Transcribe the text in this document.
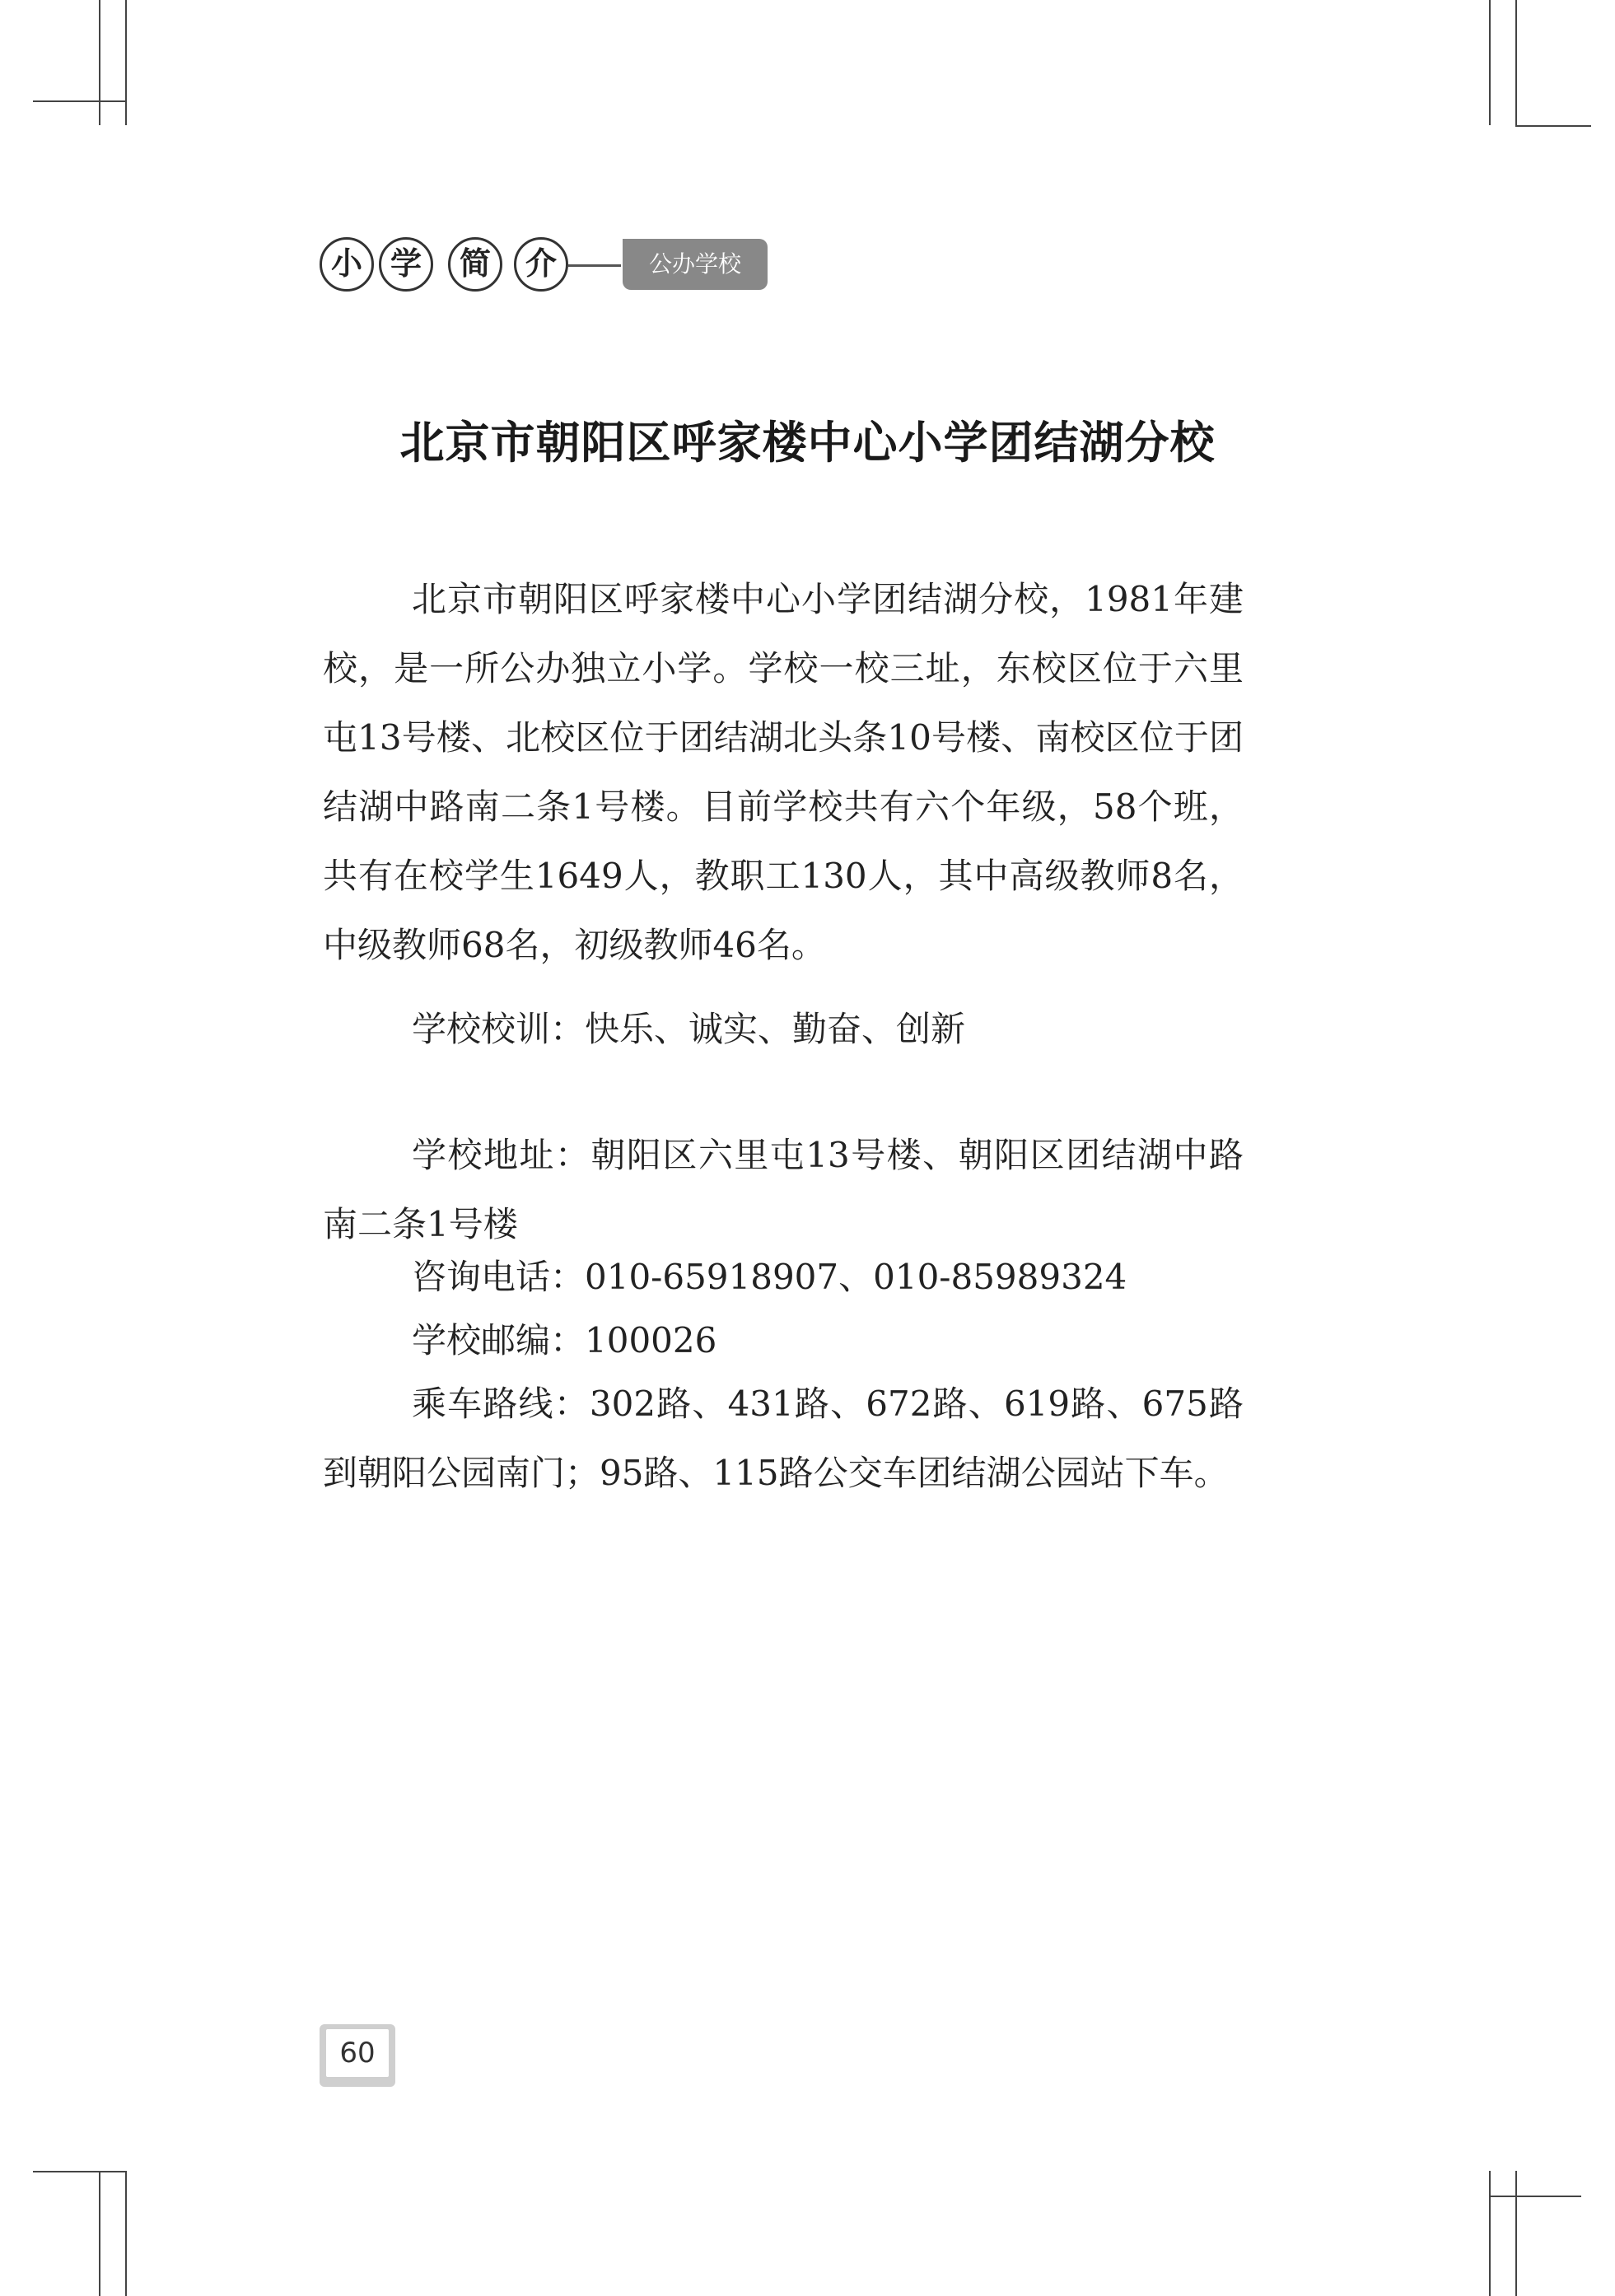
小 学	简	介	公办学校
北京市朝阳区呼家楼中心小学团结湖分校

北京市朝阳区呼家楼中心小学团结湖分校，1981年建校，是一所公办独立小学。学校一校三址，东校区位于六里屯13号楼、北校区位于团结湖北头条10号楼、南校区位于团结湖中路南二条1号楼。目前学校共有六个年级，58个班，共有在校学生1649人，教职工130人，其中高级教师8名，中级教师68名，初级教师46名。

学校校训：快乐、诚实、勤奋、创新

学校地址：朝阳区六里屯13号楼、朝阳区团结湖中路南二条1号楼

咨询电话：010-65918907、010-85989324

学校邮编：100026

乘车路线：302路、431路、672路、619路、675路到朝阳公园南门；95路、115路公交车团结湖公园站下车。

60
